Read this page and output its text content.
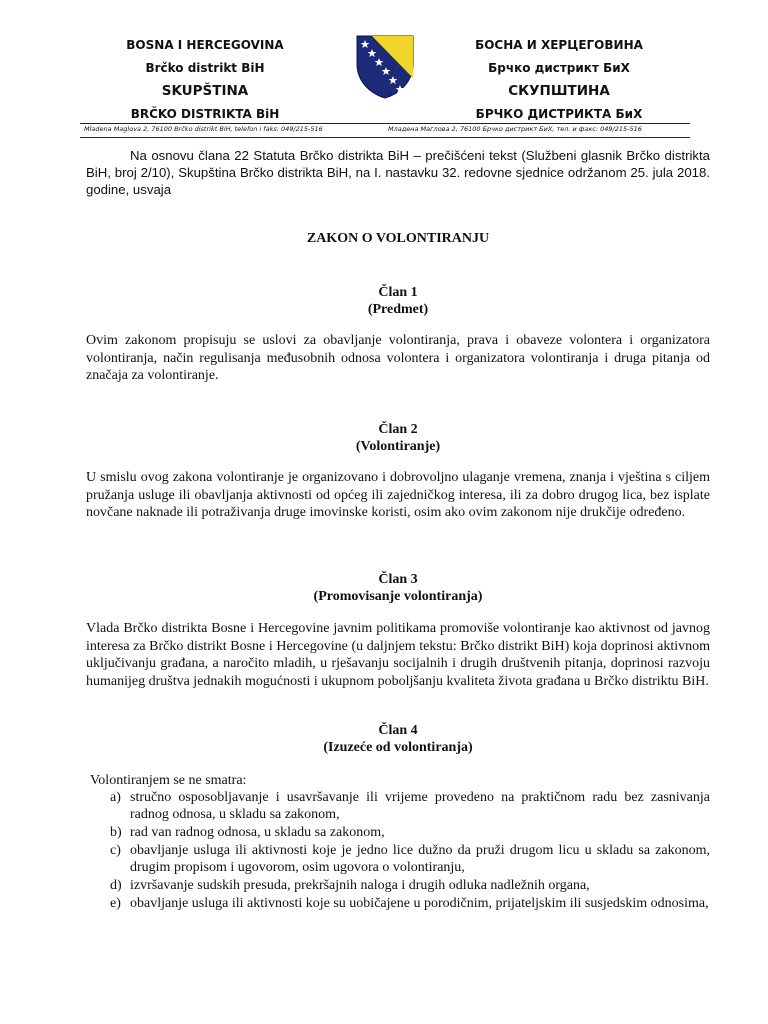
BOSNA I HERCEGOVINA
Brčko distrikt BiH
SKUPŠTINA
BRČKO DISTRIKTA BiH
БОСНА И ХЕРЦЕГОВИНА
Брчко дистрикт БиХ
СКУПШТИНА
БРЧКО ДИСТРИКТА БиХ
Mladena Maglova 2, 76100 Brčko distrikt BiH, telefon i faks: 049/215-516	Младена Маглова 2, 76100 Брчко дистрикт БиХ, тел. и факс: 049/215-516

Na osnovu člana 22 Statuta Brčko distrikta BiH – prečišćeni tekst (Službeni glasnik Brčko distrikta BiH, broj 2/10), Skupština Brčko distrikta BiH, na I. nastavku 32. redovne sjednice održanom 25. jula 2018. godine, usvaja

ZAKON O VOLONTIRANJU

Član 1

(Predmet)

Ovim zakonom propisuju se uslovi za obavljanje volontiranja, prava i obaveze volontera i organizatora volontiranja, način regulisanja međusobnih odnosa volontera i organizatora volontiranja i druga pitanja od značaja za volontiranje.

Član 2

(Volontiranje)

U smislu ovog zakona volontiranje je organizovano i dobrovoljno ulaganje vremena, znanja i vještina s ciljem pružanja usluge ili obavljanja aktivnosti od općeg ili zajedničkog interesa, ili za dobro drugog lica, bez isplate novčane naknade ili potraživanja druge imovinske koristi, osim ako ovim zakonom nije drukčije određeno.

Član 3

(Promovisanje volontiranja)

Vlada Brčko distrikta Bosne i Hercegovine javnim politikama promoviše volontiranje kao aktivnost od javnog interesa za Brčko distrikt Bosne i Hercegovine (u daljnjem tekstu: Brčko distrikt BiH) koja doprinosi aktivnom uključivanju građana, a naročito mladih, u rješavanju socijalnih i drugih društvenih pitanja, doprinosi razvoju humanijeg društva jednakih mogućnosti i ukupnom poboljšanju kvaliteta života građana u Brčko distriktu BiH.

Član 4

(Izuzeće od volontiranja)

Volontiranjem se ne smatra:

a) stručno osposobljavanje i usavršavanje ili vrijeme provedeno na praktičnom radu bez zasnivanja radnog odnosa, u skladu sa zakonom,
b) rad van radnog odnosa, u skladu sa zakonom,
c) obavljanje usluga ili aktivnosti koje je jedno lice dužno da pruži drugom licu u skladu sa zakonom, drugim propisom i ugovorom, osim ugovora o volontiranju,
d) izvršavanje sudskih presuda, prekršajnih naloga i drugih odluka nadležnih organa,
e) obavljanje usluga ili aktivnosti koje su uobičajene u porodičnim, prijateljskim ili susjedskim odnosima,
